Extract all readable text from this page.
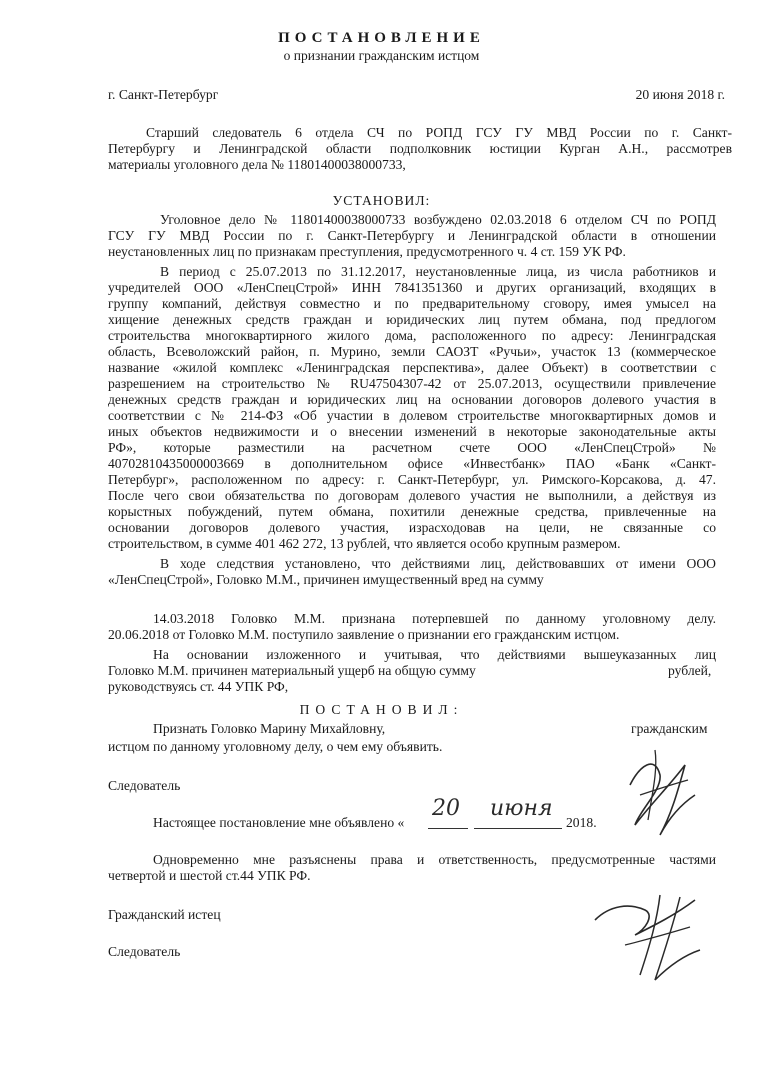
ПОСТАНОВЛЕНИЕ
о признании гражданским истцом
г. Санкт-Петербург	20 июня 2018 г.
Старший следователь 6 отдела СЧ по РОПД ГСУ ГУ МВД России по г. Санкт-
Петербургу и Ленинградской области подполковник юстиции Курган А.Н., рассмотрев
материалы уголовного дела № 11801400038000733,
УСТАНОВИЛ:
Уголовное дело № 11801400038000733 возбуждено 02.03.2018 6 отделом СЧ по РОПД
ГСУ ГУ МВД России по г. Санкт-Петербургу и Ленинградской области в отношении
неустановленных лиц по признакам преступления, предусмотренного ч. 4 ст. 159 УК РФ.
В период с 25.07.2013 по 31.12.2017, неустановленные лица, из числа работников и
учредителей ООО «ЛенСпецСтрой» ИНН 7841351360 и других организаций, входящих в
группу компаний, действуя совместно и по предварительному сговору, имея умысел на
хищение денежных средств граждан и юридических лиц путем обмана, под предлогом
строительства многоквартирного жилого дома, расположенного по адресу: Ленинградская
область, Всеволожский район, п. Мурино, земли САОЗТ «Ручьи», участок 13 (коммерческое
название «жилой комплекс «Ленинградская перспектива», далее Объект) в соответствии с
разрешением на строительство № RU47504307-42 от 25.07.2013, осуществили привлечение
денежных средств граждан и юридических лиц на основании договоров долевого участия в
соответствии с № 214-ФЗ «Об участии в долевом строительстве многоквартирных домов и
иных объектов недвижимости и о внесении изменений в некоторые законодательные акты
РФ», которые разместили на расчетном счете ООО «ЛенСпецСтрой» №
40702810435000003669 в дополнительном офисе «Инвестбанк» ПАО «Банк «Санкт-
Петербург», расположенном по адресу: г. Санкт-Петербург, ул. Римского-Корсакова, д. 47.
После чего свои обязательства по договорам долевого участия не выполнили, а действуя из
корыстных побуждений, путем обмана, похитили денежные средства, привлеченные на
основании договоров долевого участия, израсходовав на цели, не связанные со
строительством, в сумме 401 462 272, 13 рублей, что является особо крупным размером.
В ходе следствия установлено, что действиями лиц, действовавших от имени ООО
«ЛенСпецСтрой», Головко М.М., причинен имущественный вред на сумму
14.03.2018 Головко М.М. признана потерпевшей по данному уголовному делу.
20.06.2018 от Головко М.М. поступило заявление о признании его гражданским истцом.
На основании изложенного и учитывая, что действиями вышеуказанных лиц
Головко М.М. причинен материальный ущерб на общую сумму	рублей,
руководствуясь ст. 44 УПК РФ,
ПОСТАНОВИЛ:
Признать Головко Марину Михайловну,	гражданским
истцом по данному уголовному делу, о чем ему объявить.
Следователь
Настоящее постановление мне объявлено «
20 июня
2018.
Одновременно мне разъяснены права и ответственность, предусмотренные частями
четвертой и шестой ст.44 УПК РФ.
Гражданский истец
Следователь
